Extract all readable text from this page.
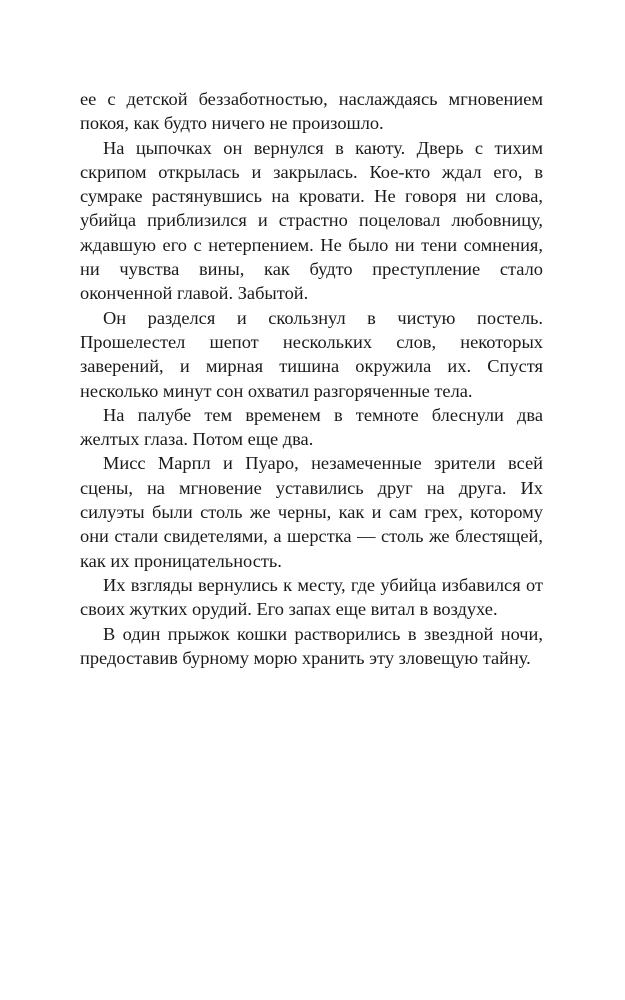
ее с детской беззаботностью, наслаждаясь мгновением покоя, как будто ничего не произошло.

На цыпочках он вернулся в каюту. Дверь с тихим скрипом открылась и закрылась. Кое-кто ждал его, в сумраке растянувшись на кровати. Не говоря ни слова, убийца приблизился и страстно поцеловал любовницу, ждавшую его с нетерпением. Не было ни тени сомнения, ни чувства вины, как будто преступление стало оконченной главой. Забытой.

Он разделся и скользнул в чистую постель. Прошелестел шепот нескольких слов, некоторых заверений, и мирная тишина окружила их. Спустя несколько минут сон охватил разгоряченные тела.

На палубе тем временем в темноте блеснули два желтых глаза. Потом еще два.

Мисс Марпл и Пуаро, незамеченные зрители всей сцены, на мгновение уставились друг на друга. Их силуэты были столь же черны, как и сам грех, которому они стали свидетелями, а шерстка — столь же блестящей, как их проницательность.

Их взгляды вернулись к месту, где убийца избавился от своих жутких орудий. Его запах еще витал в воздухе.

В один прыжок кошки растворились в звездной ночи, предоставив бурному морю хранить эту зловещую тайну.
